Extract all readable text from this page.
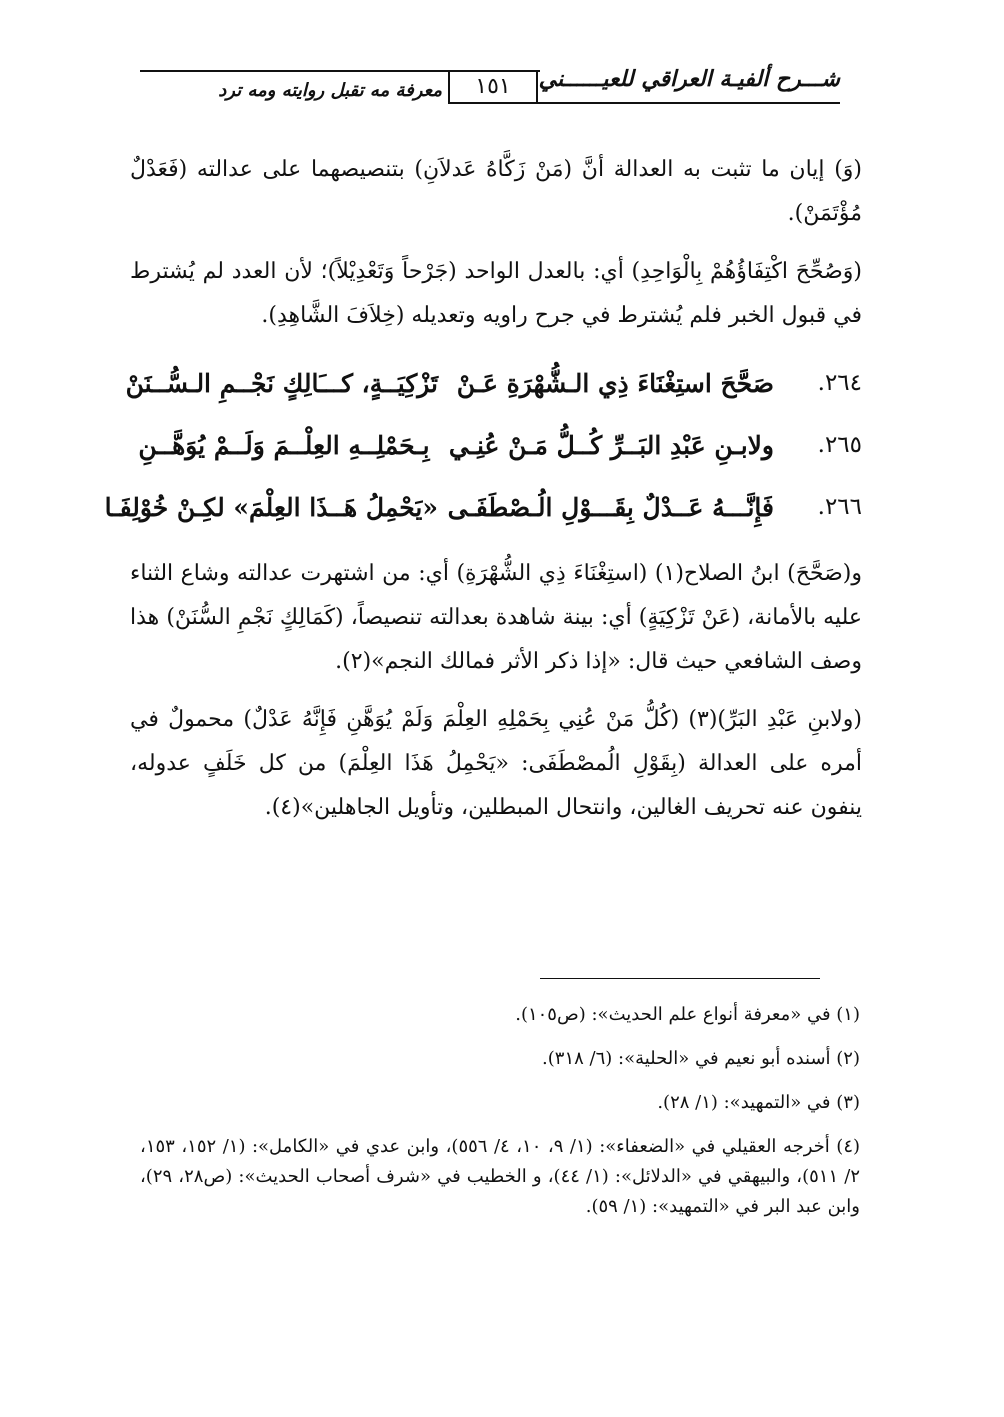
شـــرح ألفيـة العراقي للعيــــــني
١٥١
معرفة مه تقبل روايته ومه ترد

(وَ) إيان ما تثبت به العدالة أنَّ (مَنْ زَكَّاهُ عَدلاَنِ) بتنصيصهما على عدالته (فَعَدْلٌ مُؤْتَمَنْ).

(وَصُحِّحَ اكْتِفَاؤُهُمْ بِالْوَاحِدِ) أي: بالعدل الواحد (جَرْحاً وَتَعْدِيْلاً)؛ لأن العدد لم يُشترط في قبول الخبر فلم يُشترط في جرح راويه وتعديله (خِلاَفَ الشَّاهِدِ).

٢٦٤.
صَحَّحَ استِغْنَاءَ ذِي الـشُّهْرَةِ عَـنْ
تَزْكِيَــةٍ، كـــَالِكٍ نَجْــمِ الـسُّــنَنْ
٢٦٥.
ولابـنِ عَبْدِ البَــرِّ كُــلُّ مَـنْ عُنِـي
بِـحَمْلِــهِ العِلْــمَ وَلَــمْ يُوَهَّــنِ
٢٦٦.
فَإِنَّـــهُ عَــدْلٌ بِقَـــوْلِ الُـصْطَفَـى
«يَحْمِلُ هَــذَا العِلْمَ» لكِـنْ خُوْلِفَـا

و(صَحَّحَ) ابنُ الصلاح(١) (استِغْنَاءَ ذِي الشُّهْرَةِ) أي: من اشتهرت عدالته وشاع الثناء عليه بالأمانة، (عَنْ تَزْكِيَةٍ) أي: بينة شاهدة بعدالته تنصيصاً، (كَمَالِكٍ نَجْمِ السُّنَنْ) هذا وصف الشافعي حيث قال: «إذا ذكر الأثر فمالك النجم»(٢).

(ولابنِ عَبْدِ البَرِّ)(٣) (كُلُّ مَنْ عُنِي بِحَمْلِهِ العِلْمَ وَلَمْ يُوَهَّنِ فَإِنَّهُ عَدْلٌ) محمولٌ في أمره على العدالة (بِقَوْلِ الُمصْطَفَى: «يَحْمِلُ هَذَا العِلْمَ) من كل خَلَفٍ عدوله، ينفون عنه تحريف الغالين، وانتحال المبطلين، وتأويل الجاهلين»(٤).

(١) في «معرفة أنواع علم الحديث»: (ص١٠٥).
(٢) أسنده أبو نعيم في «الحلية»: (٦/ ٣١٨).
(٣) في «التمهيد»: (١/ ٢٨).
(٤) أخرجه العقيلي في «الضعفاء»: (١/ ٩، ١٠، ٤/ ٥٥٦)، وابن عدي في «الكامل»: (١/ ١٥٢، ١٥٣، ٢/ ٥١١)، والبيهقي في «الدلائل»: (١/ ٤٤)، و الخطيب في «شرف أصحاب الحديث»: (ص٢٨، ٢٩)، وابن عبد البر في «التمهيد»: (١/ ٥٩).
